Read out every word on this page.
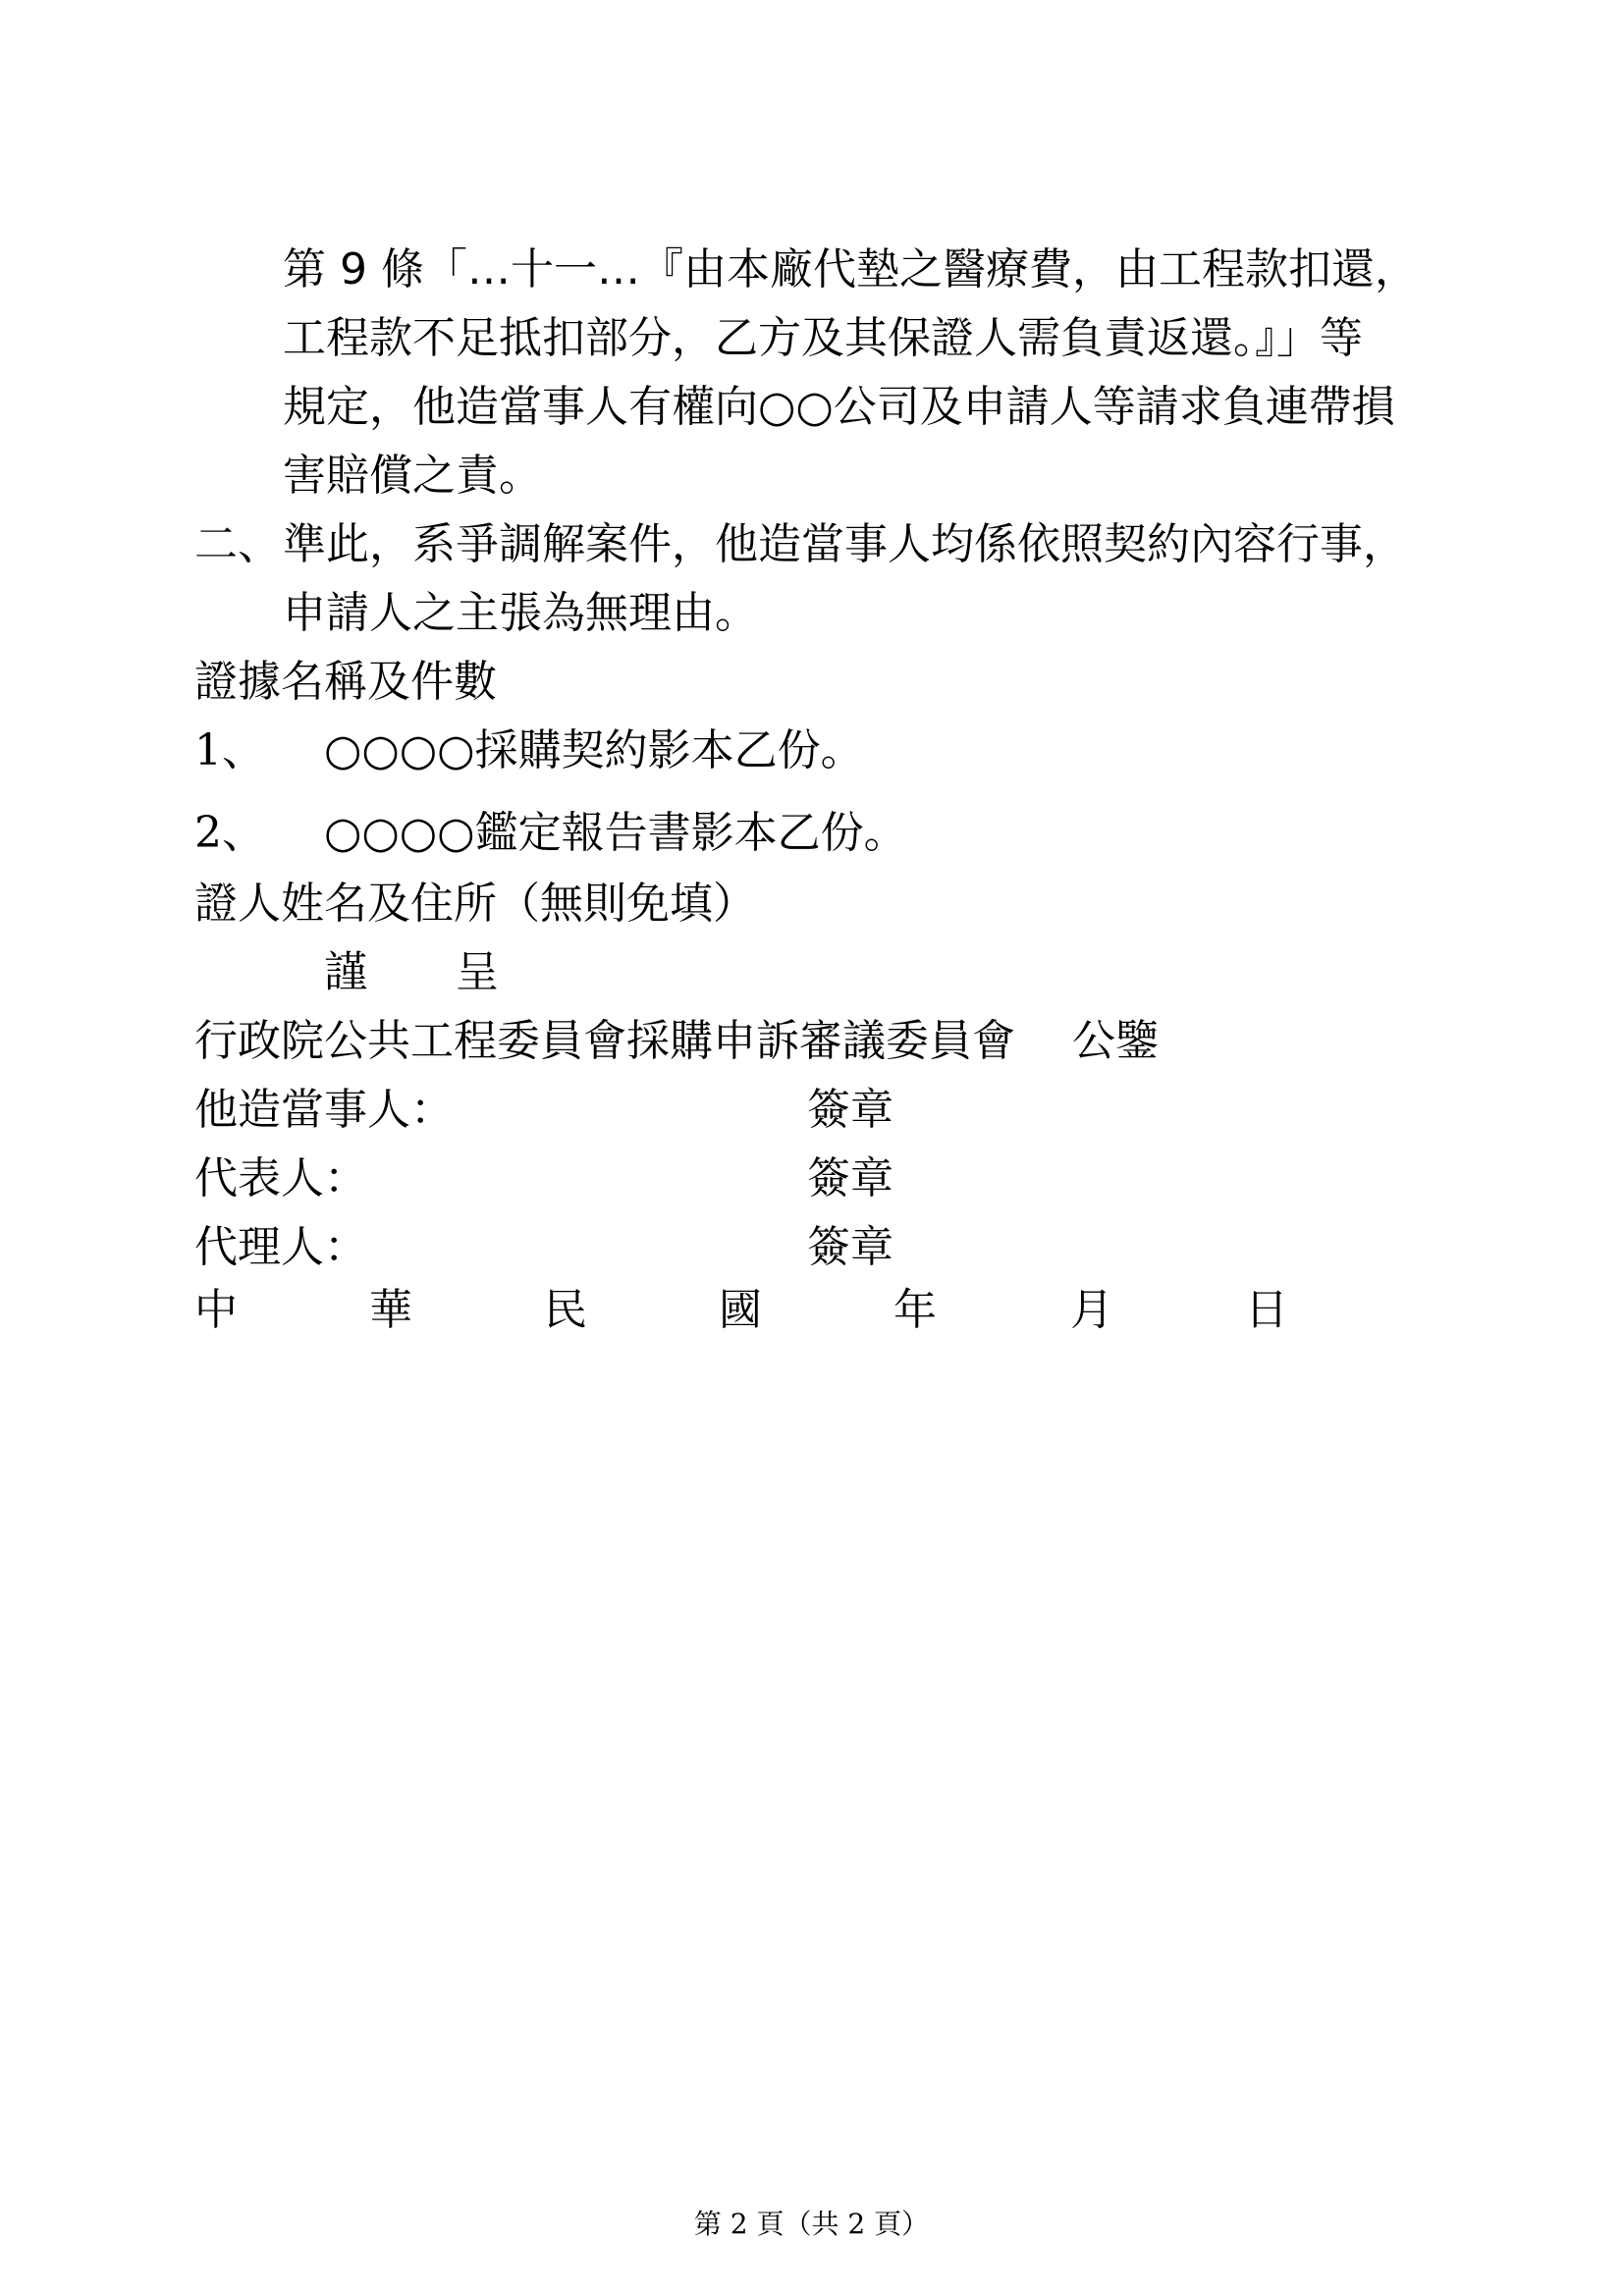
第 9 條「…十一…『由本廠代墊之醫療費，由工程款扣還，
工程款不足抵扣部分，乙方及其保證人需負責返還。』」等
規定，他造當事人有權向○○公司及申請人等請求負連帶損
害賠償之責。
二、 準此，系爭調解案件，他造當事人均係依照契約內容行事，
申請人之主張為無理由。
證據名稱及件數
1、 ○○○○採購契約影本乙份。
2、 ○○○○鑑定報告書影本乙份。
證人姓名及住所（無則免填）
謹 呈
行政院公共工程委員會採購申訴審議委員會 公鑒
他造當事人：	簽章
代表人：	簽章
代理人：	簽章
中	華	民	國	年	月	日
第 2 頁（共 2 頁）
